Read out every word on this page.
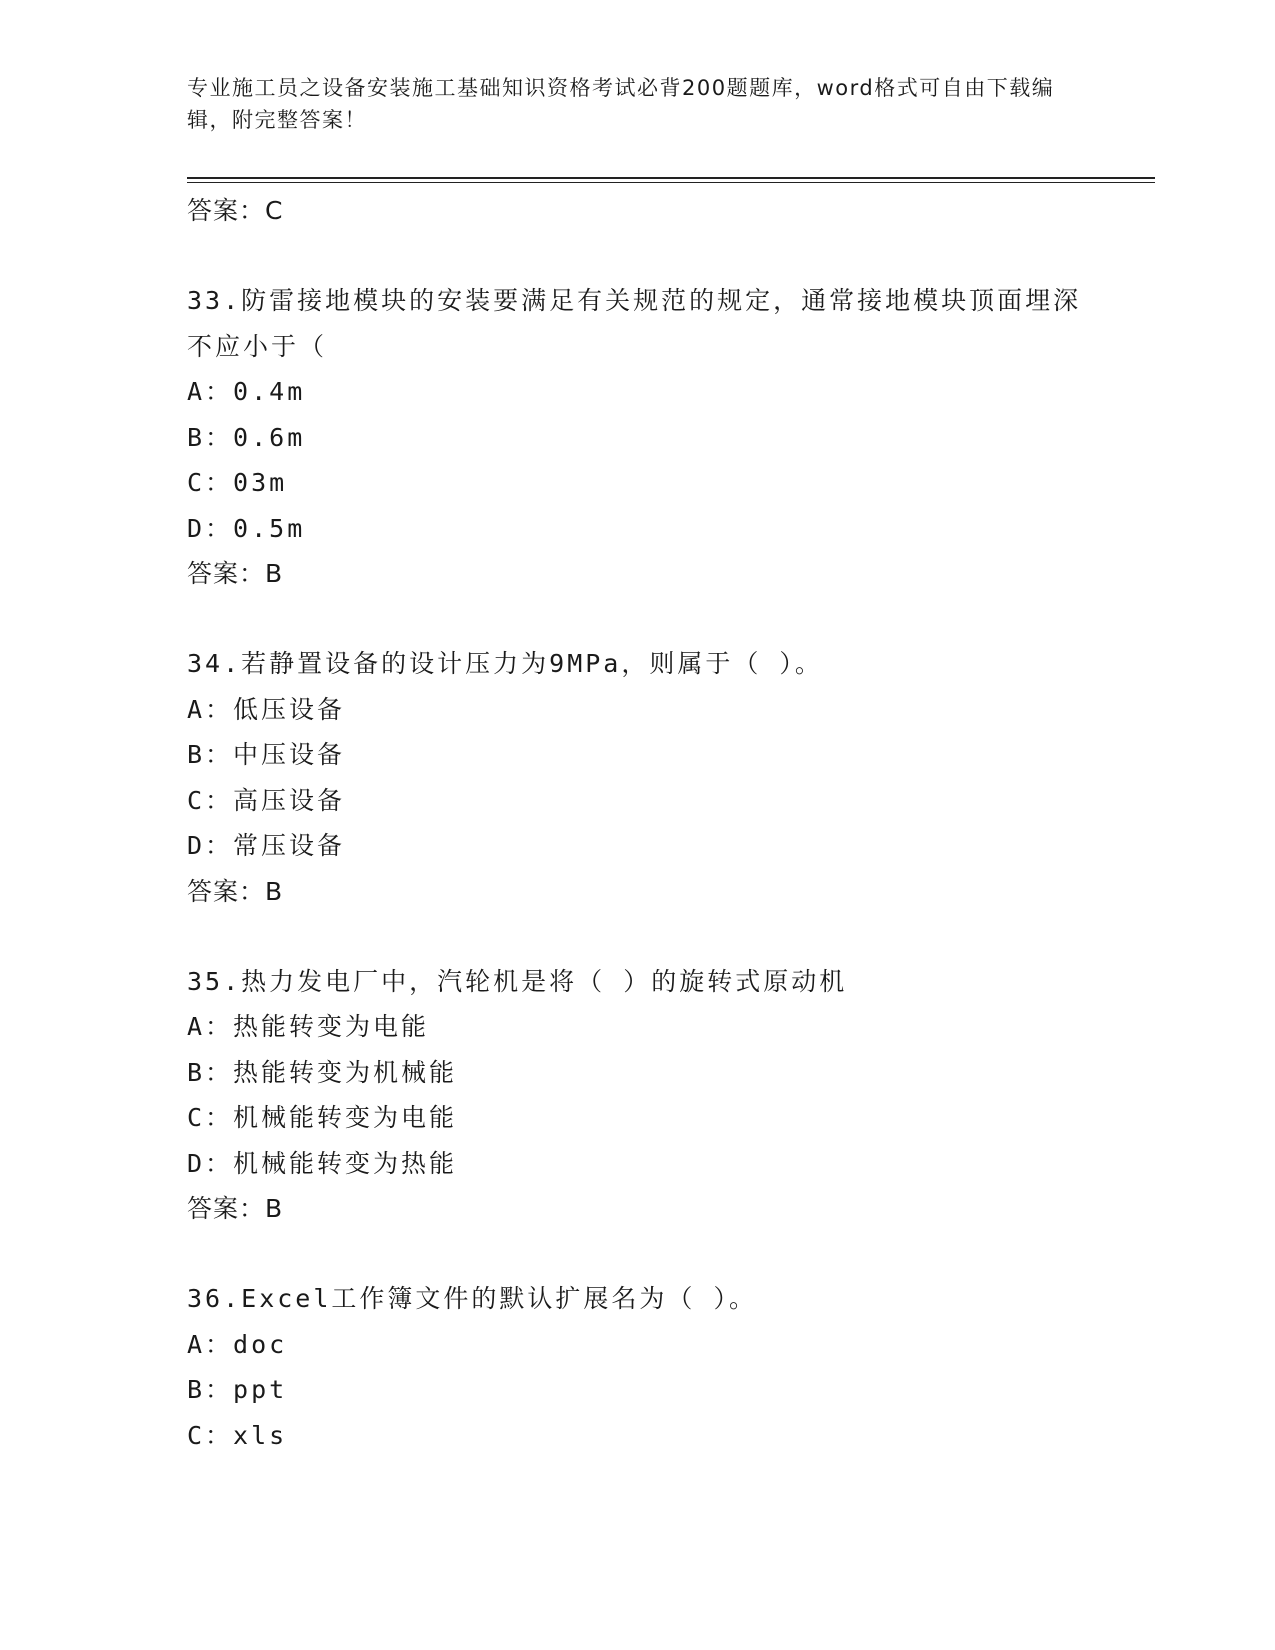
专业施工员之设备安装施工基础知识资格考试必背200题题库，word格式可自由下载编辑，附完整答案！
答案：C
33.防雷接地模块的安装要满足有关规范的规定，通常接地模块顶面埋深不应小于（
A：0.4m
B：0.6m
C：03m
D：0.5m
答案：B
34.若静置设备的设计压力为9MPa，则属于（ ）。
A：低压设备
B：中压设备
C：高压设备
D：常压设备
答案：B
35.热力发电厂中，汽轮机是将（ ）的旋转式原动机
A：热能转变为电能
B：热能转变为机械能
C：机械能转变为电能
D：机械能转变为热能
答案：B
36.Excel工作簿文件的默认扩展名为（ ）。
A：doc
B：ppt
C：xls
